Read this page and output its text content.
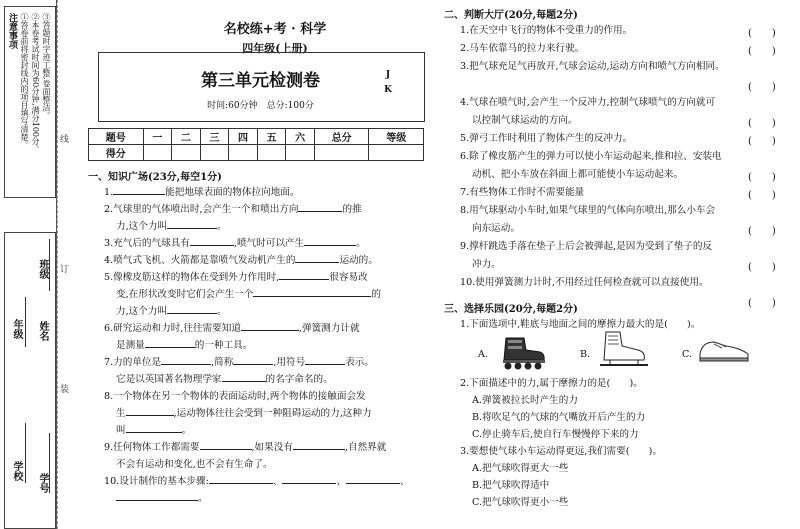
注意事项 ①答卷前将密封线内的项目填写清楚。 ②本卷考试时间为60分钟,满分100分。 ③答题时字迹工整,卷面整洁。
年级
班级
姓名
学校
学号
线
订
装
名校练+考 · 科学
四年级(上册)
第三单元检测卷
时间:60分钟　总分:100分
J
K
题号	一	二	三	四	五	六	总分	等级
得分								
一、知识广场(23分,每空1分)
1.	能把地球表面的物体拉向地面。
2.气球里的气体喷出时,会产生一个和喷出方向	的推
力,这个力叫	。
3.充气后的气球具有	,喷气时可以产生	。
4.喷气式飞机、火箭都是靠喷气发动机产生的	运动的。
5.像橡皮筋这样的物体在受到外力作用时,	很容易改
变,在形状改变时它们会产生一个	的
力,这个力叫	。
6.研究运动和力时,往往需要知道	,弹簧测力计就
是测量	的一种工具。
7.力的单位是	,简称	,用符号	表示。
它是以英国著名物理学家	的名字命名的。
8.一个物体在另一个物体的表面运动时,两个物体的接触面会发
生	,运动物体往往会受到一种阻碍运动的力,这种力
叫	。
9.任何物体工作都需要	,如果没有	,自然界就
不会有运动和变化,也不会有生命了。
10.设计制作的基本步骤:	、	、	、
。
二、判断大厅(20分,每题2分)
1.在天空中飞行的物体不受重力的作用。	(　　)
2.马车依靠马的拉力来行驶。	(　　)
3.把气球充足气再放开,气球会运动,运动方向和喷气方向相同。
(　　)
4.气球在喷气时,会产生一个反冲力,控制气球喷气的方向就可
以控制气球运动的方向。	(　　)
5.弹弓工作时利用了物体产生的反冲力。	(　　)
6.除了橡皮筋产生的弹力可以使小车运动起来,推和拉、安装电
动机、把小车放在斜面上都可能使小车运动起来。	(　　)
7.有些物体工作时不需要能量	(　　)
8.用气球驱动小车时,如果气球里的气体向东喷出,那么小车会
向东运动。	(　　)
9.撑杆跳选手落在垫子上后会被弹起,是因为受到了垫子的反
冲力。	(　　)
10.使用弹簧测力计时,不用经过任何检查就可以直接使用。
(　　)
三、选择乐园(20分,每题2分)
1.下面选项中,鞋底与地面之间的摩擦力最大的是(　　)。
A.	B.	C.
2.下面描述中的力,属于摩擦力的是(　　)。
A.弹簧被拉长时产生的力
B.将吹足气的气球的气嘴放开后产生的力
C.停止骑车后,使自行车慢慢停下来的力
3.要想使气球小车运动得更远,我们需要(　　)。
A.把气球吹得更大一些
B.把气球吹得适中
C.把气球吹得更小一些
